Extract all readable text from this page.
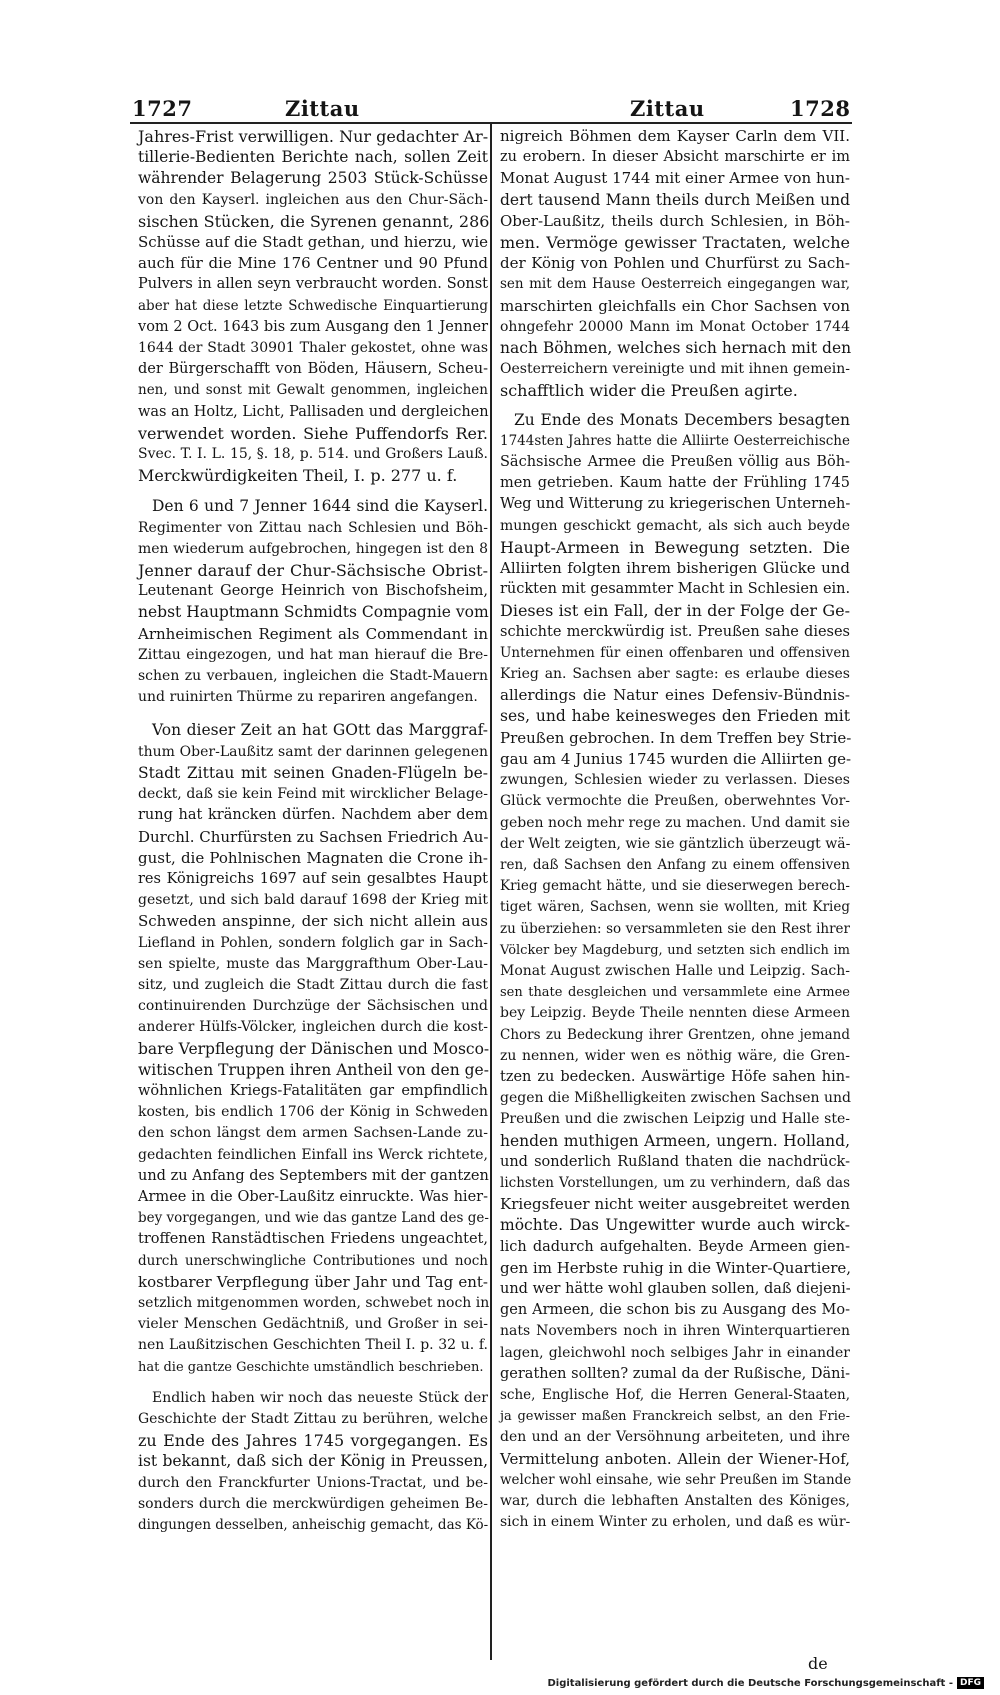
1727	Zittau	Zittau	1728
Jahres-Frist verwilligen. Nur gedachter Ar-
tillerie-Bedienten Berichte nach, sollen Zeit
währender Belagerung 2503 Stück-Schüsse
von den Kayserl. ingleichen aus den Chur-Säch-
sischen Stücken, die Syrenen genannt, 286
Schüsse auf die Stadt gethan, und hierzu, wie
auch für die Mine 176 Centner und 90 Pfund
Pulvers in allen seyn verbraucht worden. Sonst
aber hat diese letzte Schwedische Einquartierung
vom 2 Oct. 1643 bis zum Ausgang den 1 Jenner
1644 der Stadt 30901 Thaler gekostet, ohne was
der Bürgerschafft von Böden, Häusern, Scheu-
nen, und sonst mit Gewalt genommen, ingleichen
was an Holtz, Licht, Pallisaden und dergleichen
verwendet worden. Siehe Puffendorfs Rer.
Svec. T. I. L. 15, §. 18, p. 514. und Großers Lauß.
Merckwürdigkeiten Theil, I. p. 277 u. f.
Den 6 und 7 Jenner 1644 sind die Kayserl.
Regimenter von Zittau nach Schlesien und Böh-
men wiederum aufgebrochen, hingegen ist den 8
Jenner darauf der Chur-Sächsische Obrist-
Leutenant George Heinrich von Bischofsheim,
nebst Hauptmann Schmidts Compagnie vom
Arnheimischen Regiment als Commendant in
Zittau eingezogen, und hat man hierauf die Bre-
schen zu verbauen, ingleichen die Stadt-Mauern
und ruinirten Thürme zu repariren angefangen.
Von dieser Zeit an hat GOtt das Marggraf-
thum Ober-Laußitz samt der darinnen gelegenen
Stadt Zittau mit seinen Gnaden-Flügeln be-
deckt, daß sie kein Feind mit wircklicher Belage-
rung hat kräncken dürfen. Nachdem aber dem
Durchl. Churfürsten zu Sachsen Friedrich Au-
gust, die Pohlnischen Magnaten die Crone ih-
res Königreichs 1697 auf sein gesalbtes Haupt
gesetzt, und sich bald darauf 1698 der Krieg mit
Schweden anspinne, der sich nicht allein aus
Liefland in Pohlen, sondern folglich gar in Sach-
sen spielte, muste das Marggrafthum Ober-Lau-
sitz, und zugleich die Stadt Zittau durch die fast
continuirenden Durchzüge der Sächsischen und
anderer Hülfs-Völcker, ingleichen durch die kost-
bare Verpflegung der Dänischen und Mosco-
witischen Truppen ihren Antheil von den ge-
wöhnlichen Kriegs-Fatalitäten gar empfindlich
kosten, bis endlich 1706 der König in Schweden
den schon längst dem armen Sachsen-Lande zu-
gedachten feindlichen Einfall ins Werck richtete,
und zu Anfang des Septembers mit der gantzen
Armee in die Ober-Laußitz einruckte. Was hier-
bey vorgegangen, und wie das gantze Land des ge-
troffenen Ranstädtischen Friedens ungeachtet,
durch unerschwingliche Contributiones und noch
kostbarer Verpflegung über Jahr und Tag ent-
setzlich mitgenommen worden, schwebet noch in
vieler Menschen Gedächtniß, und Großer in sei-
nen Laußitzischen Geschichten Theil I. p. 32 u. f.
hat die gantze Geschichte umständlich beschrieben.
Endlich haben wir noch das neueste Stück der
Geschichte der Stadt Zittau zu berühren, welche
zu Ende des Jahres 1745 vorgegangen. Es
ist bekannt, daß sich der König in Preussen,
durch den Franckfurter Unions-Tractat, und be-
sonders durch die merckwürdigen geheimen Be-
dingungen desselben, anheischig gemacht, das Kö-
nigreich Böhmen dem Kayser Carln dem VII.
zu erobern. In dieser Absicht marschirte er im
Monat August 1744 mit einer Armee von hun-
dert tausend Mann theils durch Meißen und
Ober-Laußitz, theils durch Schlesien, in Böh-
men. Vermöge gewisser Tractaten, welche
der König von Pohlen und Churfürst zu Sach-
sen mit dem Hause Oesterreich eingegangen war,
marschirten gleichfalls ein Chor Sachsen von
ohngefehr 20000 Mann im Monat October 1744
nach Böhmen, welches sich hernach mit den
Oesterreichern vereinigte und mit ihnen gemein-
schafftlich wider die Preußen agirte.
Zu Ende des Monats Decembers besagten
1744sten Jahres hatte die Alliirte Oesterreichische
Sächsische Armee die Preußen völlig aus Böh-
men getrieben. Kaum hatte der Frühling 1745
Weg und Witterung zu kriegerischen Unterneh-
mungen geschickt gemacht, als sich auch beyde
Haupt-Armeen in Bewegung setzten. Die
Alliirten folgten ihrem bisherigen Glücke und
rückten mit gesammter Macht in Schlesien ein.
Dieses ist ein Fall, der in der Folge der Ge-
schichte merckwürdig ist. Preußen sahe dieses
Unternehmen für einen offenbaren und offensiven
Krieg an. Sachsen aber sagte: es erlaube dieses
allerdings die Natur eines Defensiv-Bündnis-
ses, und habe keinesweges den Frieden mit
Preußen gebrochen. In dem Treffen bey Strie-
gau am 4 Junius 1745 wurden die Alliirten ge-
zwungen, Schlesien wieder zu verlassen. Dieses
Glück vermochte die Preußen, oberwehntes Vor-
geben noch mehr rege zu machen. Und damit sie
der Welt zeigten, wie sie gäntzlich überzeugt wä-
ren, daß Sachsen den Anfang zu einem offensiven
Krieg gemacht hätte, und sie dieserwegen berech-
tiget wären, Sachsen, wenn sie wollten, mit Krieg
zu überziehen: so versammleten sie den Rest ihrer
Völcker bey Magdeburg, und setzten sich endlich im
Monat August zwischen Halle und Leipzig. Sach-
sen thate desgleichen und versammlete eine Armee
bey Leipzig. Beyde Theile nennten diese Armeen
Chors zu Bedeckung ihrer Grentzen, ohne jemand
zu nennen, wider wen es nöthig wäre, die Gren-
tzen zu bedecken. Auswärtige Höfe sahen hin-
gegen die Mißhelligkeiten zwischen Sachsen und
Preußen und die zwischen Leipzig und Halle ste-
henden muthigen Armeen, ungern. Holland,
und sonderlich Rußland thaten die nachdrück-
lichsten Vorstellungen, um zu verhindern, daß das
Kriegsfeuer nicht weiter ausgebreitet werden
möchte. Das Ungewitter wurde auch wirck-
lich dadurch aufgehalten. Beyde Armeen gien-
gen im Herbste ruhig in die Winter-Quartiere,
und wer hätte wohl glauben sollen, daß diejeni-
gen Armeen, die schon bis zu Ausgang des Mo-
nats Novembers noch in ihren Winterquartieren
lagen, gleichwohl noch selbiges Jahr in einander
gerathen sollten? zumal da der Rußische, Däni-
sche, Englische Hof, die Herren General-Staaten,
ja gewisser maßen Franckreich selbst, an den Frie-
den und an der Versöhnung arbeiteten, und ihre
Vermittelung anboten. Allein der Wiener-Hof,
welcher wohl einsahe, wie sehr Preußen im Stande
war, durch die lebhaften Anstalten des Königes,
sich in einem Winter zu erholen, und daß es wür-
de
Digitalisierung gefördert durch die Deutsche Forschungsgemeinschaft - DFG
